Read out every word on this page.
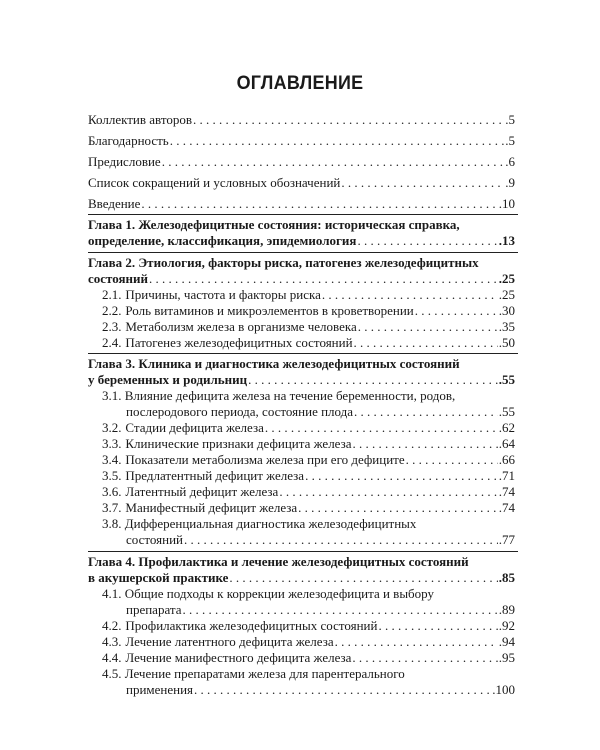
ОГЛАВЛЕНИЕ
Коллектив авторов . . .	.5
Благодарность . . .	.5
Предисловие . . .	.6
Список сокращений и условных обозначений . . .	.9
Введение . . .	.10
Глава 1. Железодефицитные состояния: историческая справка,
определение, классификация, эпидемиология . . .	.13
Глава 2. Этиология, факторы риска, патогенез железодефицитных
состояний . . .	.25
2.1. Причины, частота и факторы риска . . .	.25
2.2. Роль витаминов и микроэлементов в кроветворении . . .	.30
2.3. Метаболизм железа в организме человека . . .	.35
2.4. Патогенез железодефицитных состояний . . .	.50
Глава 3. Клиника и диагностика железодефицитных состояний
у беременных и родильниц . . .	.55
3.1. Влияние дефицита железа на течение беременности, родов,
послеродового периода, состояние плода . . .	.55
3.2. Стадии дефицита железа . . .	.62
3.3. Клинические признаки дефицита железа . . .	.64
3.4. Показатели метаболизма железа при его дефиците . . .	.66
3.5. Предлатентный дефицит железа . . .	.71
3.6. Латентный дефицит железа . . .	.74
3.7. Манифестный дефицит железа . . .	.74
3.8. Дифференциальная диагностика железодефицитных
состояний . . .	.77
Глава 4. Профилактика и лечение железодефицитных состояний
в акушерской практике . . .	.85
4.1. Общие подходы к коррекции железодефицита и выбору
препарата . . .	.89
4.2. Профилактика железодефицитных состояний . . .	.92
4.3. Лечение латентного дефицита железа . . .	.94
4.4. Лечение манифестного дефицита железа . . .	.95
4.5. Лечение препаратами железа для парентерального
применения . . .	.100
